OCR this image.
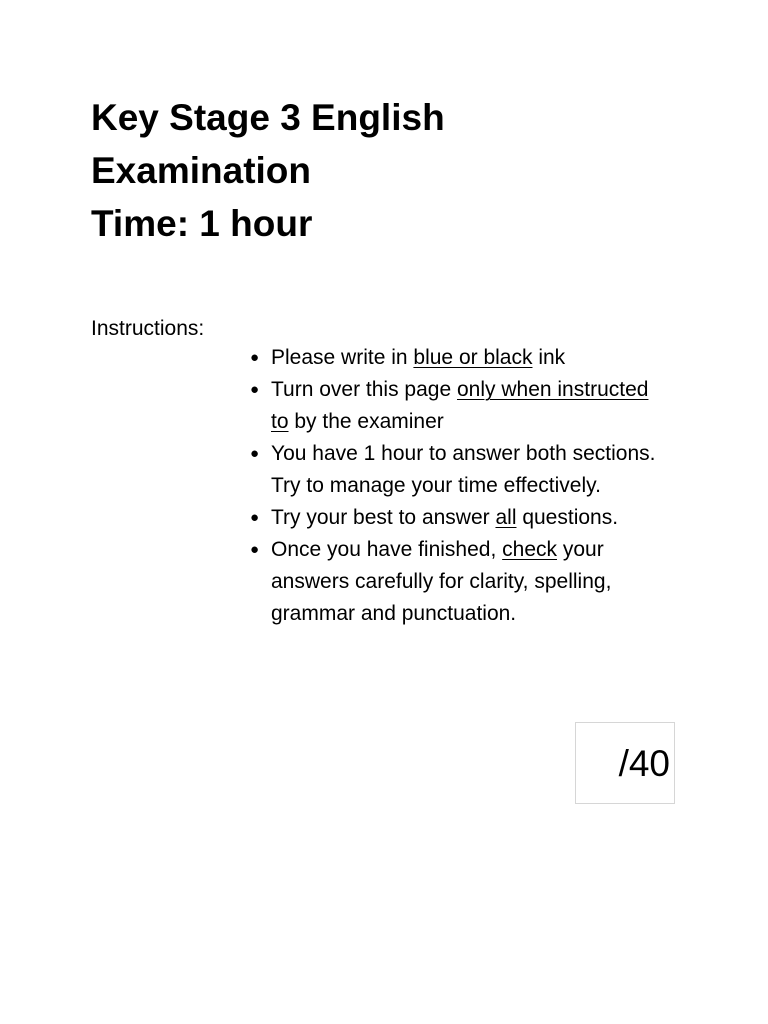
Key Stage 3 English
Examination
Time: 1 hour

Instructions:

● Please write in blue or black ink
● Turn over this page only when instructed to by the examiner
● You have 1 hour to answer both sections. Try to manage your time effectively.
● Try your best to answer all questions.
● Once you have finished, check your answers carefully for clarity, spelling, grammar and punctuation.
/40
